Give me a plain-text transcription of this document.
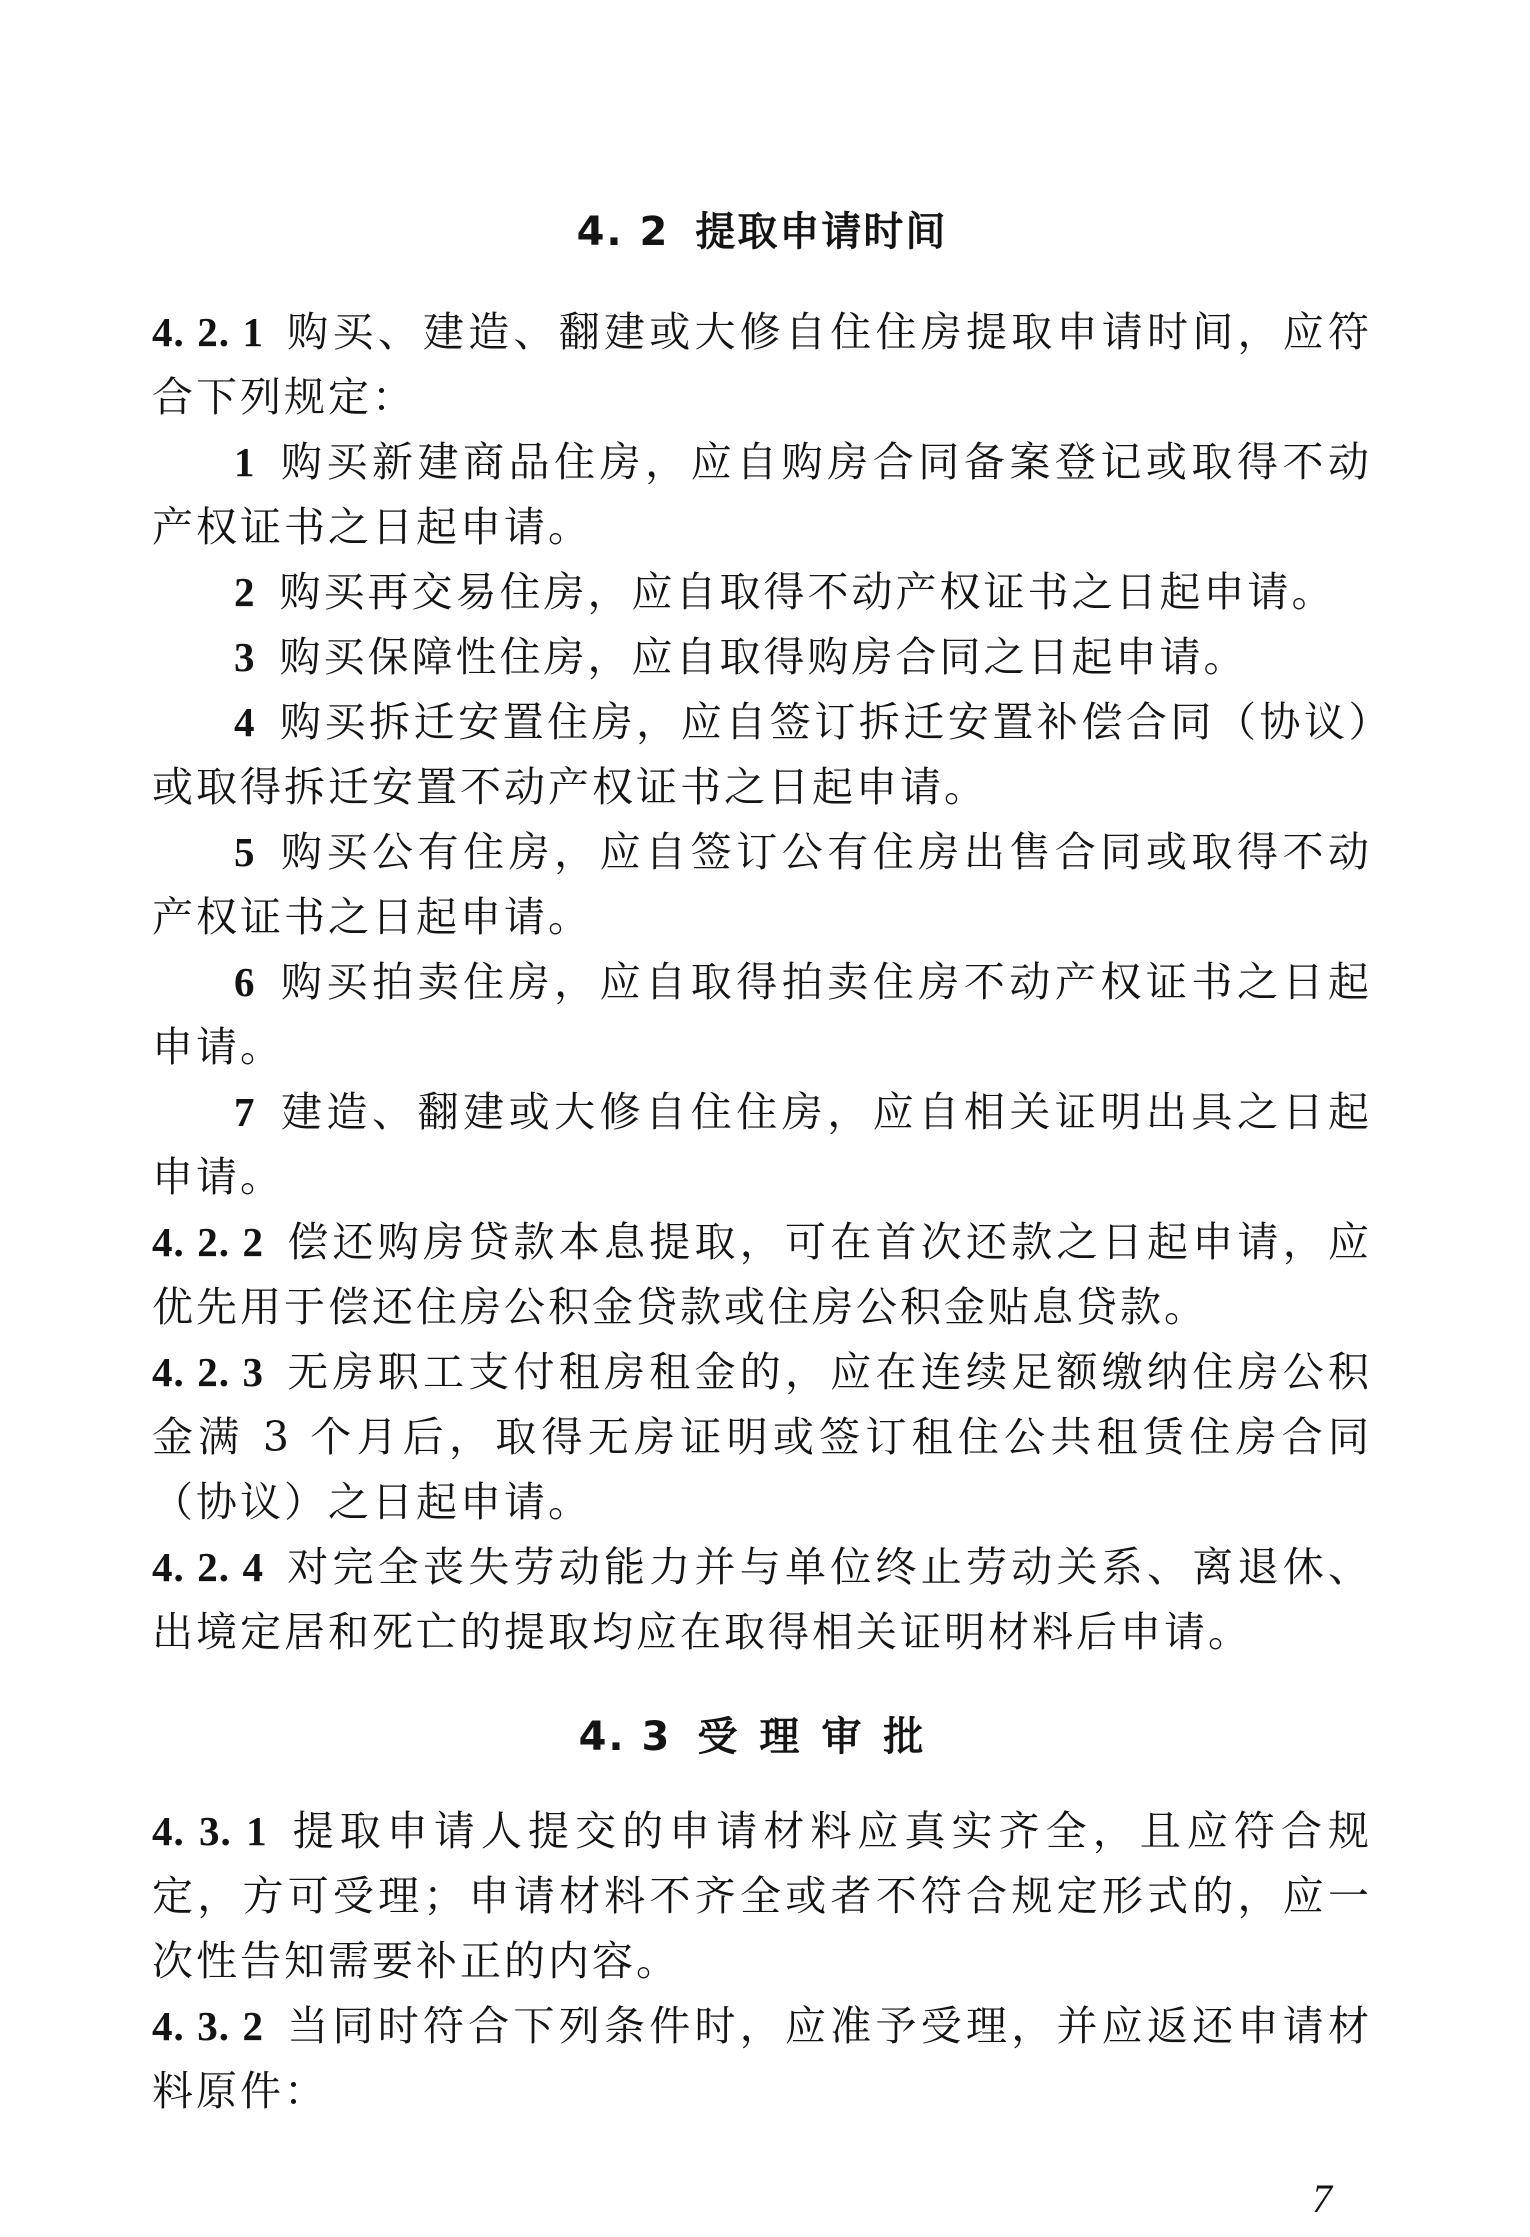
4. 2 提取申请时间

4. 2. 1 购买、建造、翻建或大修自住住房提取申请时间，应符合下列规定：

1 购买新建商品住房，应自购房合同备案登记或取得不动产权证书之日起申请。

2 购买再交易住房，应自取得不动产权证书之日起申请。

3 购买保障性住房，应自取得购房合同之日起申请。

4 购买拆迁安置住房，应自签订拆迁安置补偿合同（协议）或取得拆迁安置不动产权证书之日起申请。

5 购买公有住房，应自签订公有住房出售合同或取得不动产权证书之日起申请。

6 购买拍卖住房，应自取得拍卖住房不动产权证书之日起申请。

7 建造、翻建或大修自住住房，应自相关证明出具之日起申请。

4. 2. 2 偿还购房贷款本息提取，可在首次还款之日起申请，应优先用于偿还住房公积金贷款或住房公积金贴息贷款。

4. 2. 3 无房职工支付租房租金的，应在连续足额缴纳住房公积金满 3 个月后，取得无房证明或签订租住公共租赁住房合同（协议）之日起申请。

4. 2. 4 对完全丧失劳动能力并与单位终止劳动关系、离退休、出境定居和死亡的提取均应在取得相关证明材料后申请。

4. 3 受理审批

4. 3. 1 提取申请人提交的申请材料应真实齐全，且应符合规定，方可受理；申请材料不齐全或者不符合规定形式的，应一次性告知需要补正的内容。

4. 3. 2 当同时符合下列条件时，应准予受理，并应返还申请材料原件：

7
